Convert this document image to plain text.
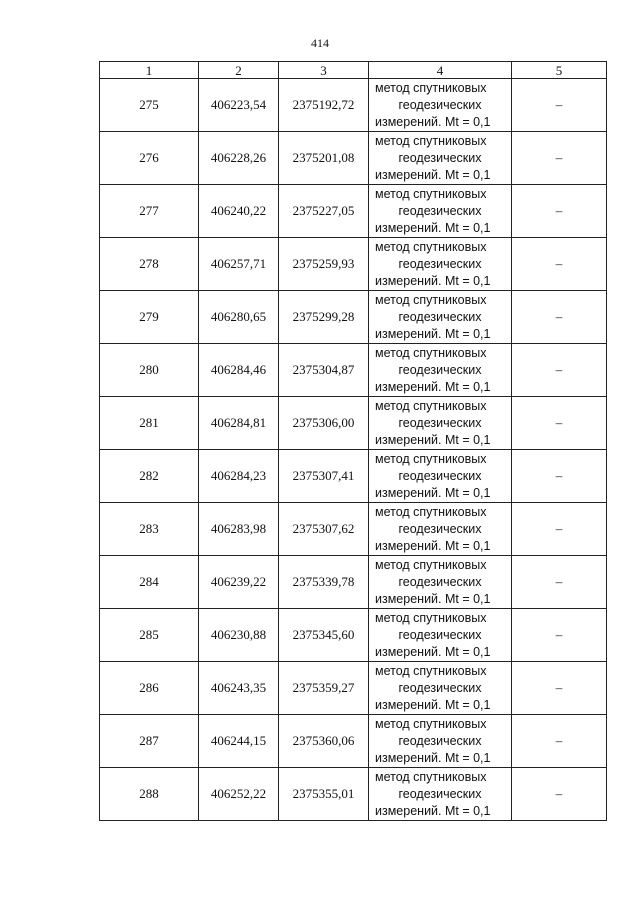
414
1	2	3	4	5
275	406223,54	2375192,72	метод спутниковых
геодезических
измерений. Mt = 0,1	–
276	406228,26	2375201,08	метод спутниковых
геодезических
измерений. Mt = 0,1	–
277	406240,22	2375227,05	метод спутниковых
геодезических
измерений. Mt = 0,1	–
278	406257,71	2375259,93	метод спутниковых
геодезических
измерений. Mt = 0,1	–
279	406280,65	2375299,28	метод спутниковых
геодезических
измерений. Mt = 0,1	–
280	406284,46	2375304,87	метод спутниковых
геодезических
измерений. Mt = 0,1	–
281	406284,81	2375306,00	метод спутниковых
геодезических
измерений. Mt = 0,1	–
282	406284,23	2375307,41	метод спутниковых
геодезических
измерений. Mt = 0,1	–
283	406283,98	2375307,62	метод спутниковых
геодезических
измерений. Mt = 0,1	–
284	406239,22	2375339,78	метод спутниковых
геодезических
измерений. Mt = 0,1	–
285	406230,88	2375345,60	метод спутниковых
геодезических
измерений. Mt = 0,1	–
286	406243,35	2375359,27	метод спутниковых
геодезических
измерений. Mt = 0,1	–
287	406244,15	2375360,06	метод спутниковых
геодезических
измерений. Mt = 0,1	–
288	406252,22	2375355,01	метод спутниковых
геодезических
измерений. Mt = 0,1	–
